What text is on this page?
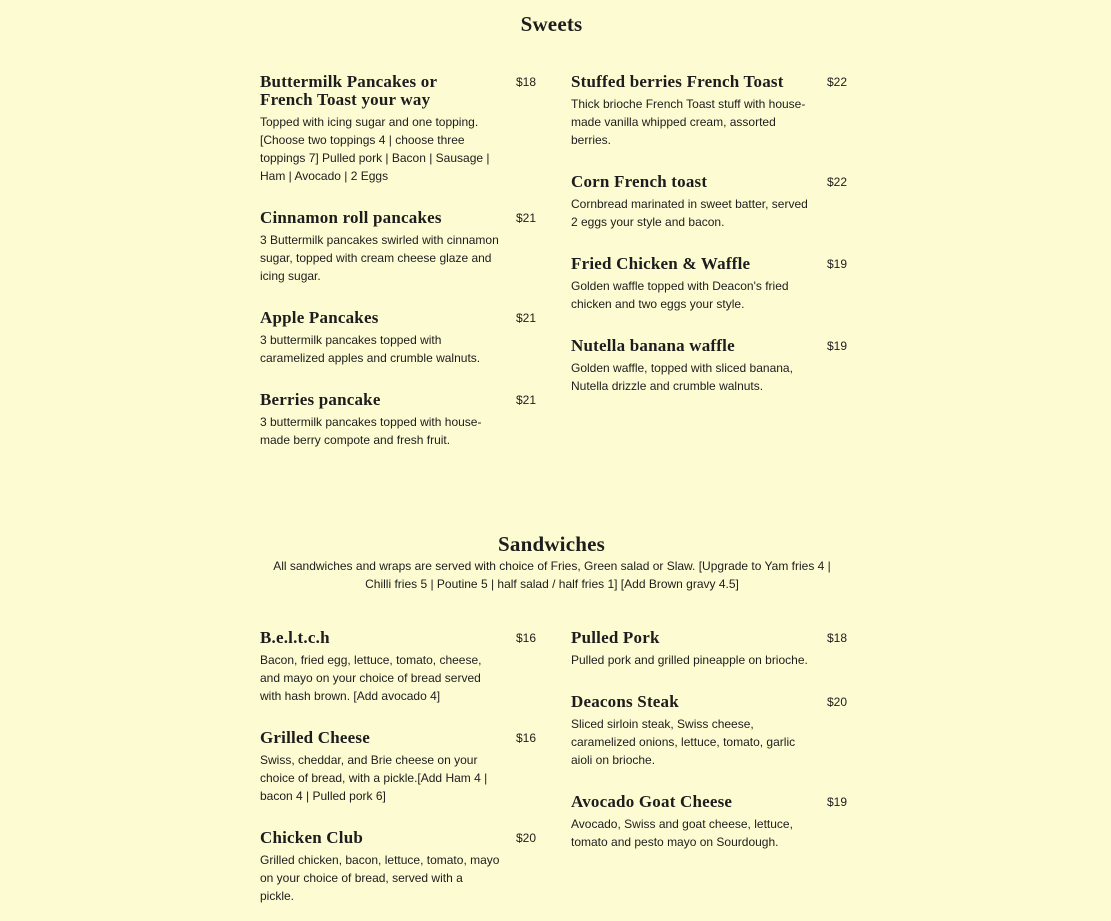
Sweets
Buttermilk Pancakes or French Toast your way
$18

Topped with icing sugar and one topping. [Choose two toppings 4 | choose three toppings 7] Pulled pork | Bacon | Sausage | Ham | Avocado | 2 Eggs

Cinnamon roll pancakes	$21

3 Buttermilk pancakes swirled with cinnamon sugar, topped with cream cheese glaze and icing sugar.

Apple Pancakes	$21

3 buttermilk pancakes topped with caramelized apples and crumble walnuts.

Berries pancake	$21

3 buttermilk pancakes topped with house-made berry compote and fresh fruit.

Stuffed berries French Toast	$22

Thick brioche French Toast stuff with house-made vanilla whipped cream, assorted berries.

Corn French toast	$22

Cornbread marinated in sweet batter, served 2 eggs your style and bacon.

Fried Chicken & Waffle	$19

Golden waffle topped with Deacon's fried chicken and two eggs your style.

Nutella banana waffle	$19

Golden waffle, topped with sliced banana, Nutella drizzle and crumble walnuts.

Sandwiches

All sandwiches and wraps are served with choice of Fries, Green salad or Slaw. [Upgrade to Yam fries 4 | Chilli fries 5 | Poutine 5 | half salad / half fries 1] [Add Brown gravy 4.5]

B.e.l.t.c.h	$16

Bacon, fried egg, lettuce, tomato, cheese, and mayo on your choice of bread served with hash brown. [Add avocado 4]

Grilled Cheese	$16

Swiss, cheddar, and Brie cheese on your choice of bread, with a pickle.[Add Ham 4 | bacon 4 | Pulled pork 6]

Chicken Club	$20

Grilled chicken, bacon, lettuce, tomato, mayo on your choice of bread, served with a pickle.

Pulled Pork	$18

Pulled pork and grilled pineapple on brioche.

Deacons Steak	$20

Sliced sirloin steak, Swiss cheese, caramelized onions, lettuce, tomato, garlic aioli on brioche.

Avocado Goat Cheese	$19

Avocado, Swiss and goat cheese, lettuce, tomato and pesto mayo on Sourdough.
